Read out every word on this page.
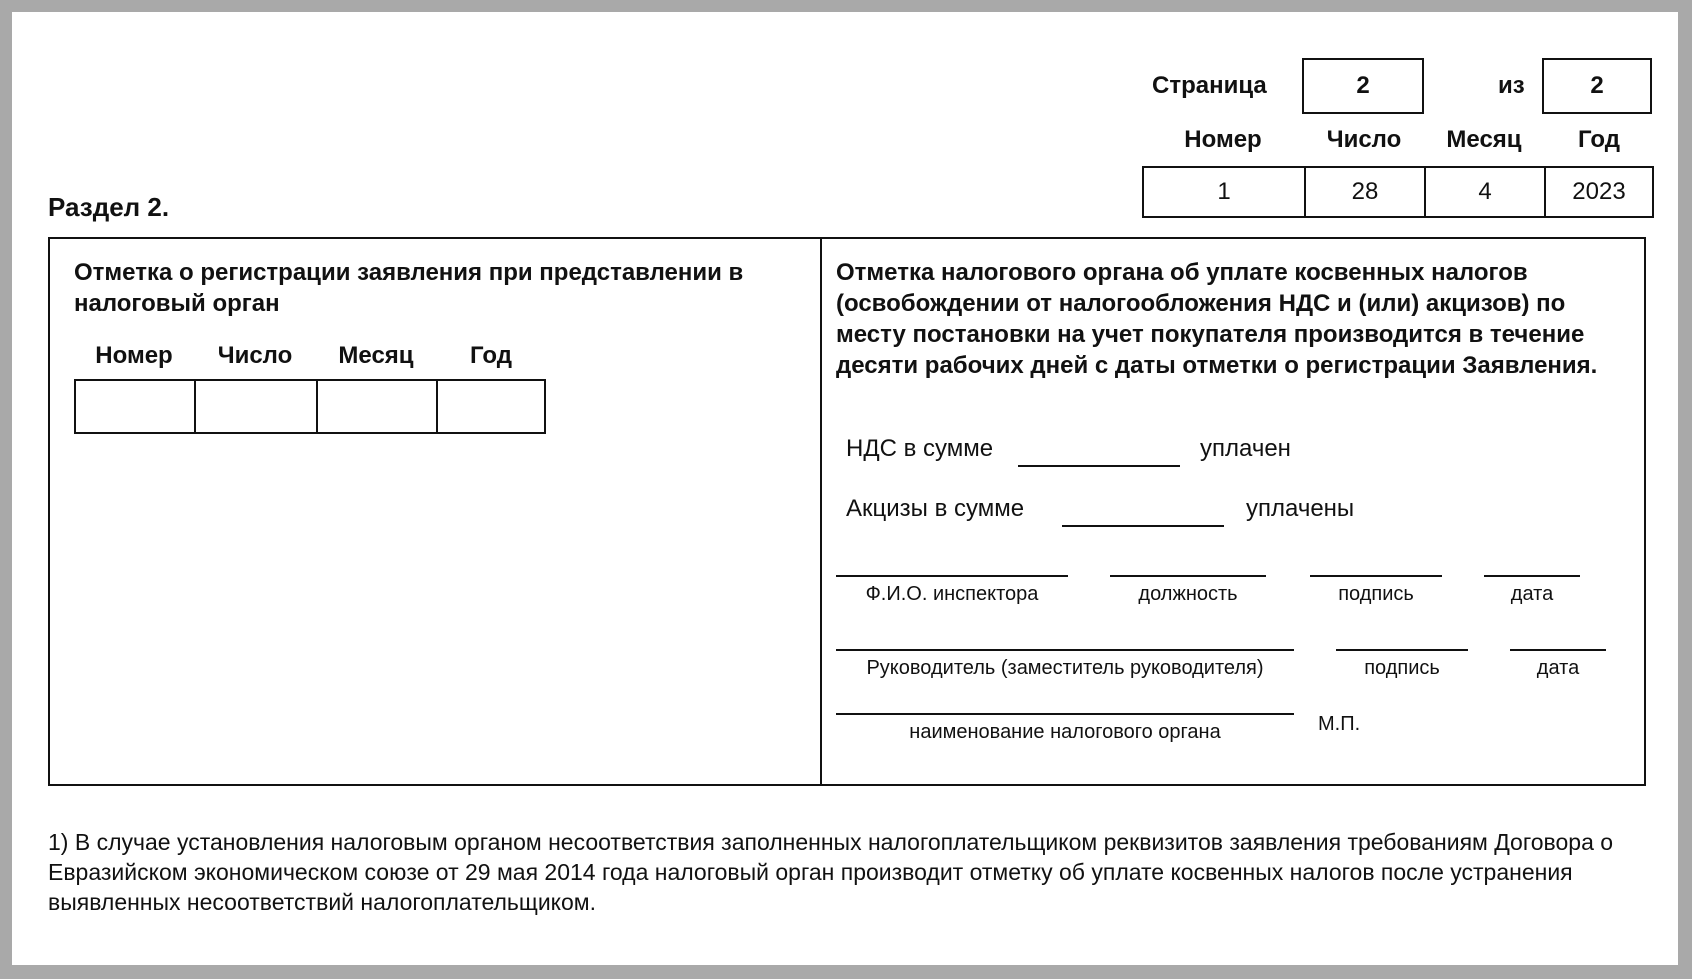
Страница	2	из	2
Номер	Число	Месяц	Год
1	28	4	2023
Раздел 2.
Отметка о регистрации заявления при представлении в налоговый орган
Номер	Число	Месяц	Год
Отметка налогового органа об уплате косвенных налогов (освобождении от налогообложения НДС и (или) акцизов) по месту постановки на учет покупателя производится в течение десяти рабочих дней с даты отметки о регистрации Заявления.
НДС в сумме	уплачен
Акцизы в сумме	уплачены
Ф.И.О. инспектора	должность	подпись	дата
Руководитель (заместитель руководителя)	подпись	дата
наименование налогового органа	М.П.
1) В случае установления налоговым органом несоответствия заполненных налогоплательщиком реквизитов заявления требованиям Договора о Евразийском экономическом союзе от 29 мая 2014 года налоговый орган производит отметку об уплате косвенных налогов после устранения выявленных несоответствий налогоплательщиком.
